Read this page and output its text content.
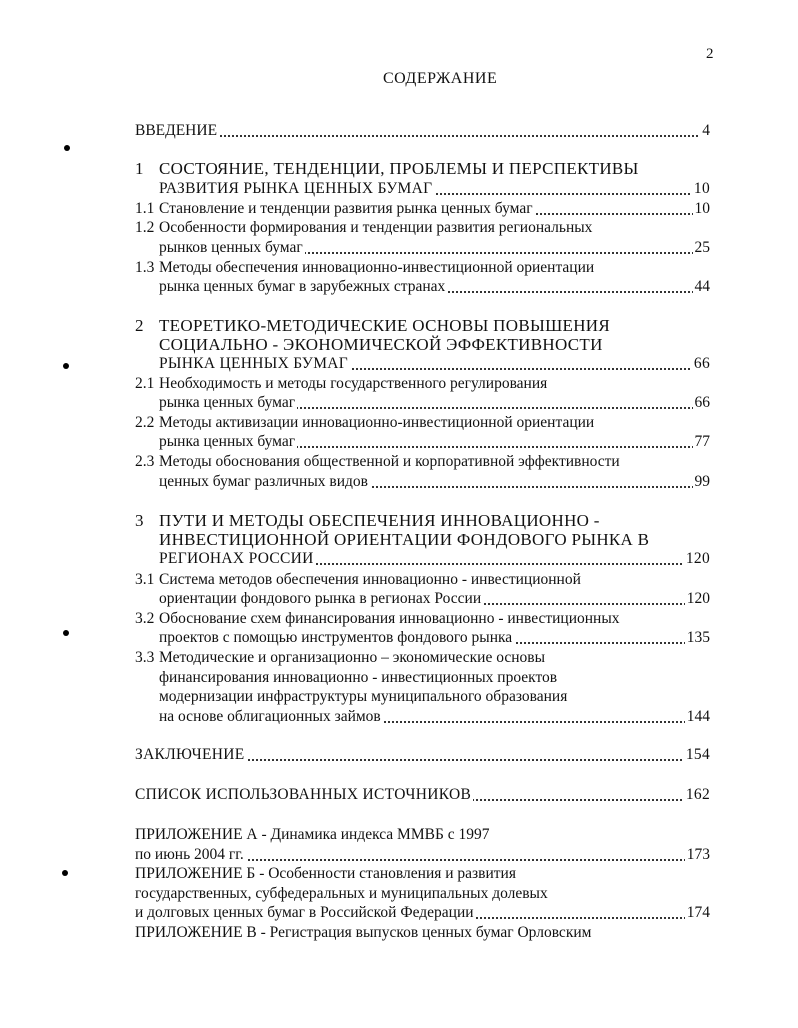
2
СОДЕРЖАНИЕ
ВВЕДЕНИЕ	4
1 СОСТОЯНИЕ, ТЕНДЕНЦИИ, ПРОБЛЕМЫ И ПЕРСПЕКТИВЫ
РАЗВИТИЯ РЫНКА ЦЕННЫХ БУМАГ	10
1.1 Становление и тенденции развития рынка ценных бумаг	10
1.2 Особенности формирования и тенденции развития региональных
рынков ценных бумаг	25
1.3 Методы обеспечения инновационно-инвестиционной ориентации
рынка ценных бумаг в зарубежных странах	44
2 ТЕОРЕТИКО-МЕТОДИЧЕСКИЕ ОСНОВЫ ПОВЫШЕНИЯ
СОЦИАЛЬНО - ЭКОНОМИЧЕСКОЙ ЭФФЕКТИВНОСТИ
РЫНКА ЦЕННЫХ БУМАГ	66
2.1 Необходимость и методы государственного регулирования
рынка ценных бумаг	66
2.2 Методы активизации инновационно-инвестиционной ориентации
рынка ценных бумаг	77
2.3 Методы обоснования общественной и корпоративной эффективности
ценных бумаг различных видов	99
3 ПУТИ И МЕТОДЫ ОБЕСПЕЧЕНИЯ ИННОВАЦИОННО -
ИНВЕСТИЦИОННОЙ ОРИЕНТАЦИИ ФОНДОВОГО РЫНКА В
РЕГИОНАХ РОССИИ	120
3.1 Система методов обеспечения инновационно - инвестиционной
ориентации фондового рынка в регионах России	120
3.2 Обоснование схем финансирования инновационно - инвестиционных
проектов с помощью инструментов фондового рынка	135
3.3 Методические и организационно – экономические основы
финансирования инновационно - инвестиционных проектов
модернизации инфраструктуры муниципального образования
на основе облигационных займов	144
ЗАКЛЮЧЕНИЕ	154
СПИСОК ИСПОЛЬЗОВАННЫХ ИСТОЧНИКОВ	162
ПРИЛОЖЕНИЕ А - Динамика индекса ММВБ с 1997
по июнь 2004 гг.	173
ПРИЛОЖЕНИЕ Б - Особенности становления и развития
государственных, субфедеральных и муниципальных долевых
и долговых ценных бумаг в Российской Федерации	174
ПРИЛОЖЕНИЕ В - Регистрация выпусков ценных бумаг Орловским
